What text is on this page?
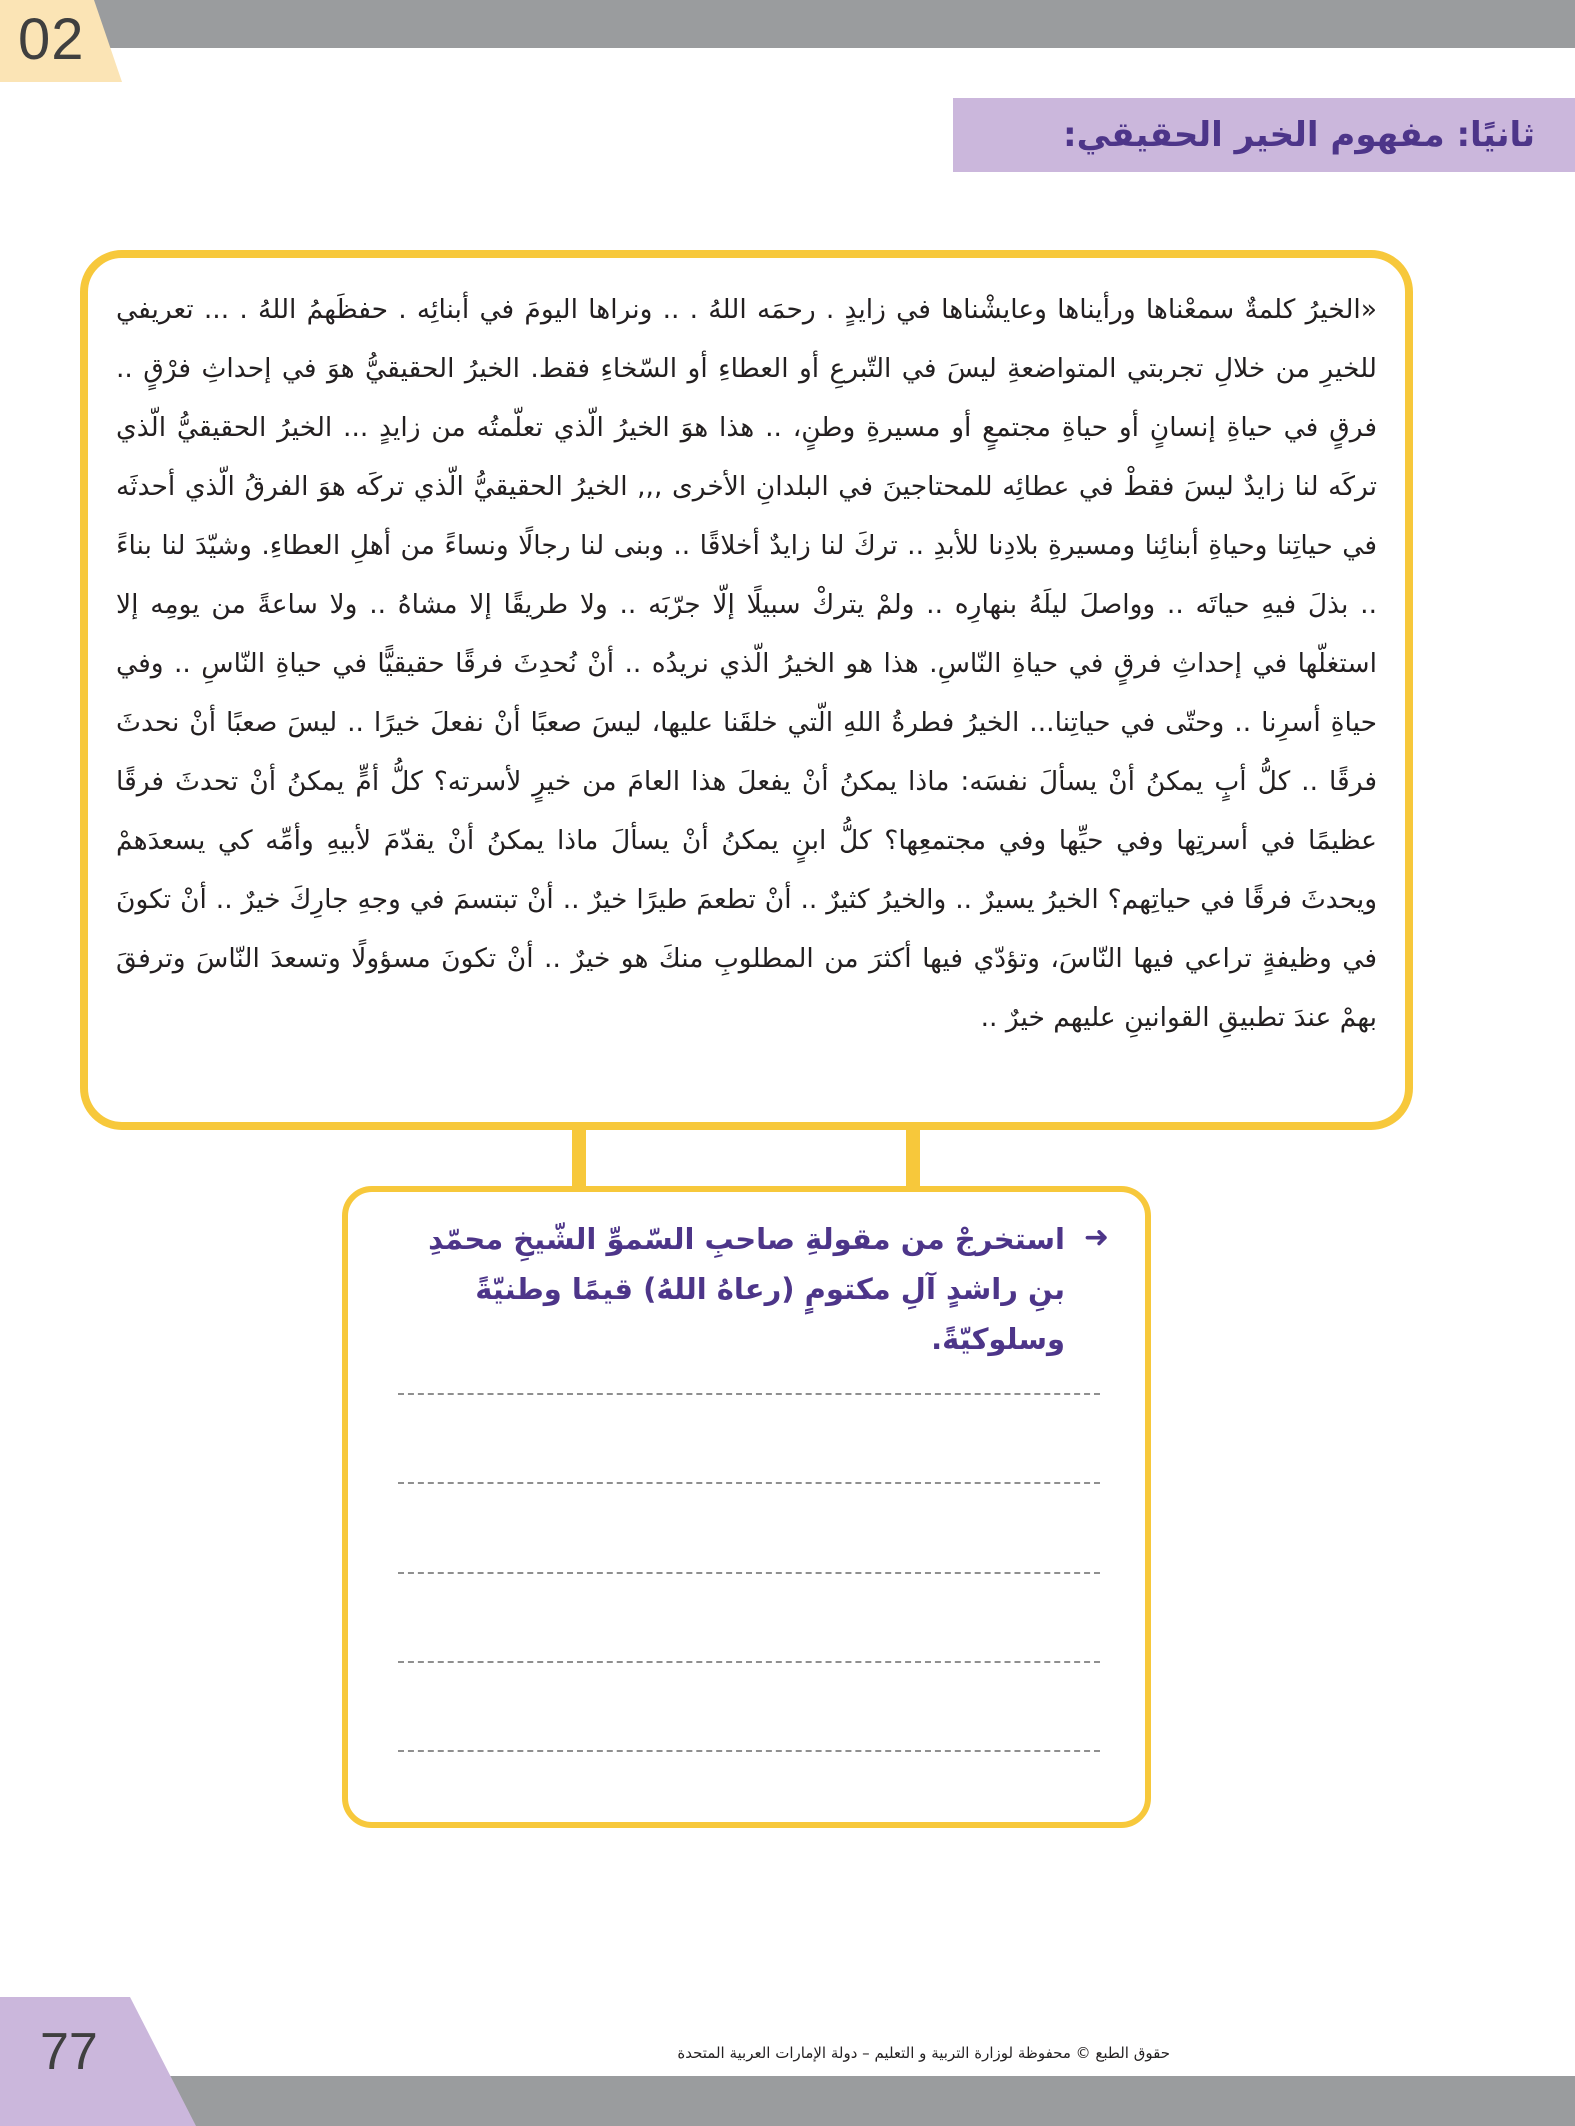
02
ثانيًا: مفهوم الخير الحقيقي:

«الخيرُ كلمةٌ سمعْناها ورأيناها وعايشْناها في زايدٍ . رحمَه اللهُ . .. ونراها اليومَ في أبنائِه . حفظَهمُ اللهُ . ... تعريفي للخيرِ من خلالِ تجربتي المتواضعةِ ليسَ في التّبرعِ أو العطاءِ أو السّخاءِ فقط. الخيرُ الحقيقيُّ هوَ في إحداثِ فرْقٍ .. فرقٍ في حياةِ إنسانٍ أو حياةِ مجتمعٍ أو مسيرةِ وطنٍ، .. هذا هوَ الخيرُ الّذي تعلّمتُه من زايدٍ ... الخيرُ الحقيقيُّ الّذي تركَه لنا زايدٌ ليسَ فقطْ في عطائِه للمحتاجينَ في البلدانِ الأخرى ,,, الخيرُ الحقيقيُّ الّذي تركَه هوَ الفرقُ الّذي أحدثَه في حياتِنا وحياةِ أبنائِنا ومسيرةِ بلادِنا للأبدِ .. تركَ لنا زايدٌ أخلاقًا .. وبنى لنا رجالًا ونساءً من أهلِ العطاءِ. وشيّدَ لنا بناءً .. بذلَ فيهِ حياتَه .. وواصلَ ليلَهُ بنهارِه .. ولمْ يتركْ سبيلًا إلّا جرّبَه .. ولا طريقًا إلا مشاهُ .. ولا ساعةً من يومِه إلا استغلّها في إحداثِ فرقٍ في حياةِ النّاسِ. هذا هو الخيرُ الّذي نريدُه .. أنْ نُحدِثَ فرقًا حقيقيًّا في حياةِ النّاسِ .. وفي حياةِ أسرِنا .. وحتّى في حياتِنا... الخيرُ فطرةُ اللهِ الّتي خلقَنا عليها، ليسَ صعبًا أنْ نفعلَ خيرًا .. ليسَ صعبًا أنْ نحدثَ فرقًا .. كلُّ أبٍ يمكنُ أنْ يسألَ نفسَه: ماذا يمكنُ أنْ يفعلَ هذا العامَ من خيرٍ لأسرته؟ كلُّ أمٍّ يمكنُ أنْ تحدثَ فرقًا عظيمًا في أسرتِها وفي حيِّها وفي مجتمعِها؟ كلُّ ابنٍ يمكنُ أنْ يسألَ ماذا يمكنُ أنْ يقدّمَ لأبيهِ وأمِّه كي يسعدَهمْ ويحدثَ فرقًا في حياتِهم؟ الخيرُ يسيرٌ .. والخيرُ كثيرٌ .. أنْ تطعمَ طيرًا خيرٌ .. أنْ تبتسمَ في وجهِ جارِكَ خيرٌ .. أنْ تكونَ في وظيفةٍ تراعي فيها النّاسَ، وتؤدّي فيها أكثرَ من المطلوبِ منكَ هو خيرٌ .. أنْ تكونَ مسؤولًا وتسعدَ النّاسَ وترفقَ بهمْ عندَ تطبيقِ القوانينِ عليهم خيرٌ ..

➜

استخرجْ من مقولةِ صاحبِ السّموِّ الشّيخِ محمّدِ بنِ راشدٍ آلِ مكتومٍ (رعاهُ اللهُ) قيمًا وطنيّةً وسلوكيّةً.

77	حقوق الطبع © محفوظة لوزارة التربية و التعليم – دولة الإمارات العربية المتحدة
